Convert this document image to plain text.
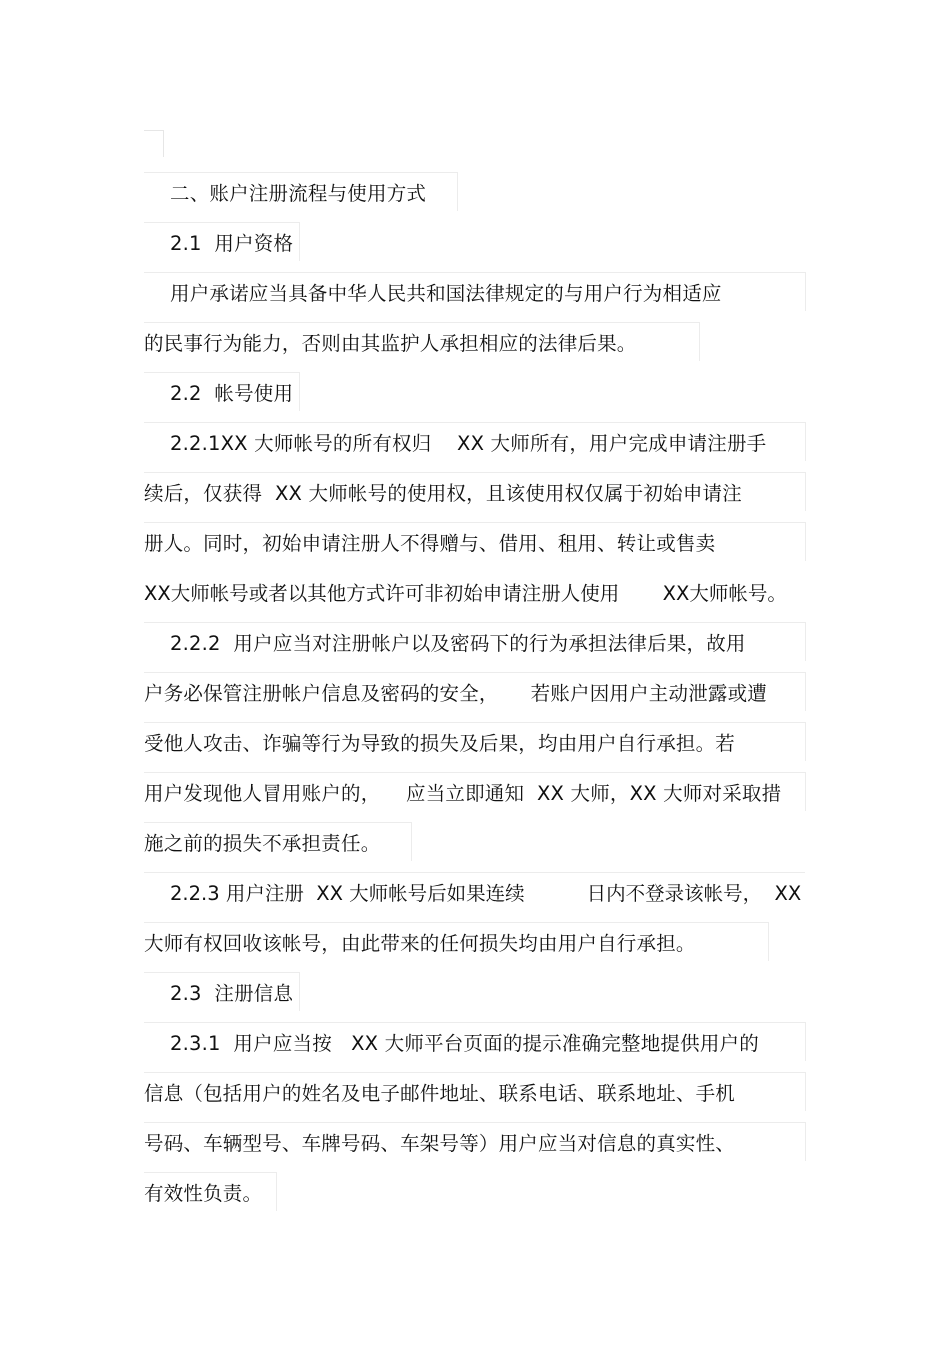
二、账户注册流程与使用方式
2.1  用户资格
用户承诺应当具备中华人民共和国法律规定的与用户行为相适应
的民事行为能力，否则由其监护人承担相应的法律后果。
2.2  帐号使用
2.2.1XX 大师帐号的所有权归    XX 大师所有，用户完成申请注册手
续后，仅获得  XX 大师帐号的使用权，且该使用权仅属于初始申请注
册人。同时，初始申请注册人不得赠与、借用、租用、转让或售卖
XX大师帐号或者以其他方式许可非初始申请注册人使用       XX大师帐号。
2.2.2  用户应当对注册帐户以及密码下的行为承担法律后果，故用
户务必保管注册帐户信息及密码的安全，     若账户因用户主动泄露或遭
受他人攻击、诈骗等行为导致的损失及后果，均由用户自行承担。若
用户发现他人冒用账户的，    应当立即通知  XX 大师，XX 大师对采取措
施之前的损失不承担责任。
2.2.3 用户注册  XX 大师帐号后如果连续          日内不登录该帐号，  XX
大师有权回收该帐号，由此带来的任何损失均由用户自行承担。
2.3  注册信息
2.3.1  用户应当按   XX 大师平台页面的提示准确完整地提供用户的
信息（包括用户的姓名及电子邮件地址、联系电话、联系地址、手机
号码、车辆型号、车牌号码、车架号等）用户应当对信息的真实性、
有效性负责。
